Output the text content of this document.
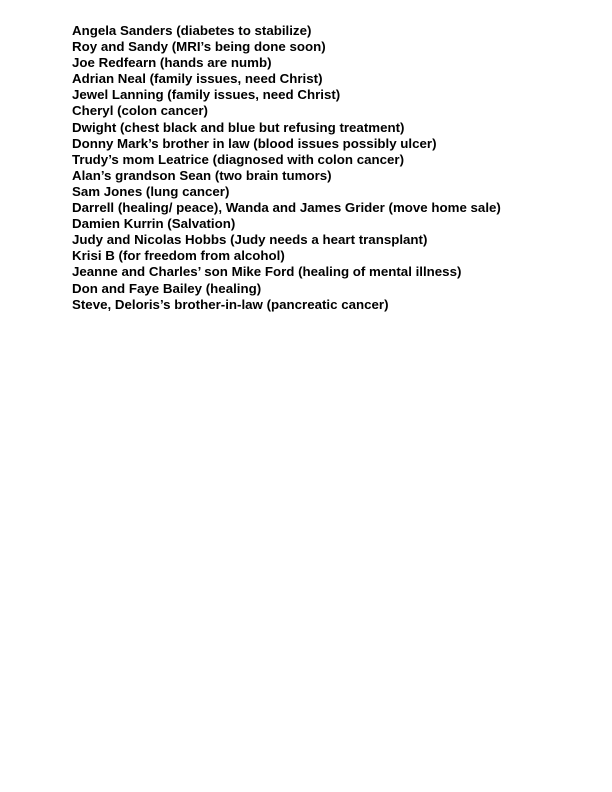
Angela Sanders (diabetes to stabilize)
Roy and Sandy (MRI’s being done soon)
Joe Redfearn (hands are numb)
Adrian Neal (family issues, need Christ)
Jewel Lanning (family issues, need Christ)
Cheryl (colon cancer)
Dwight (chest black and blue but refusing treatment)
Donny Mark’s brother in law (blood issues possibly ulcer)
Trudy’s mom Leatrice (diagnosed with colon cancer)
Alan’s grandson Sean (two brain tumors)
Sam Jones (lung cancer)
Darrell (healing/ peace), Wanda and James Grider (move home sale)
Damien Kurrin (Salvation)
Judy and Nicolas Hobbs (Judy needs a heart transplant)
Krisi B (for freedom from alcohol)
Jeanne and Charles’ son Mike Ford (healing of mental illness)
Don and Faye Bailey (healing)
Steve, Deloris’s brother-in-law (pancreatic cancer)
